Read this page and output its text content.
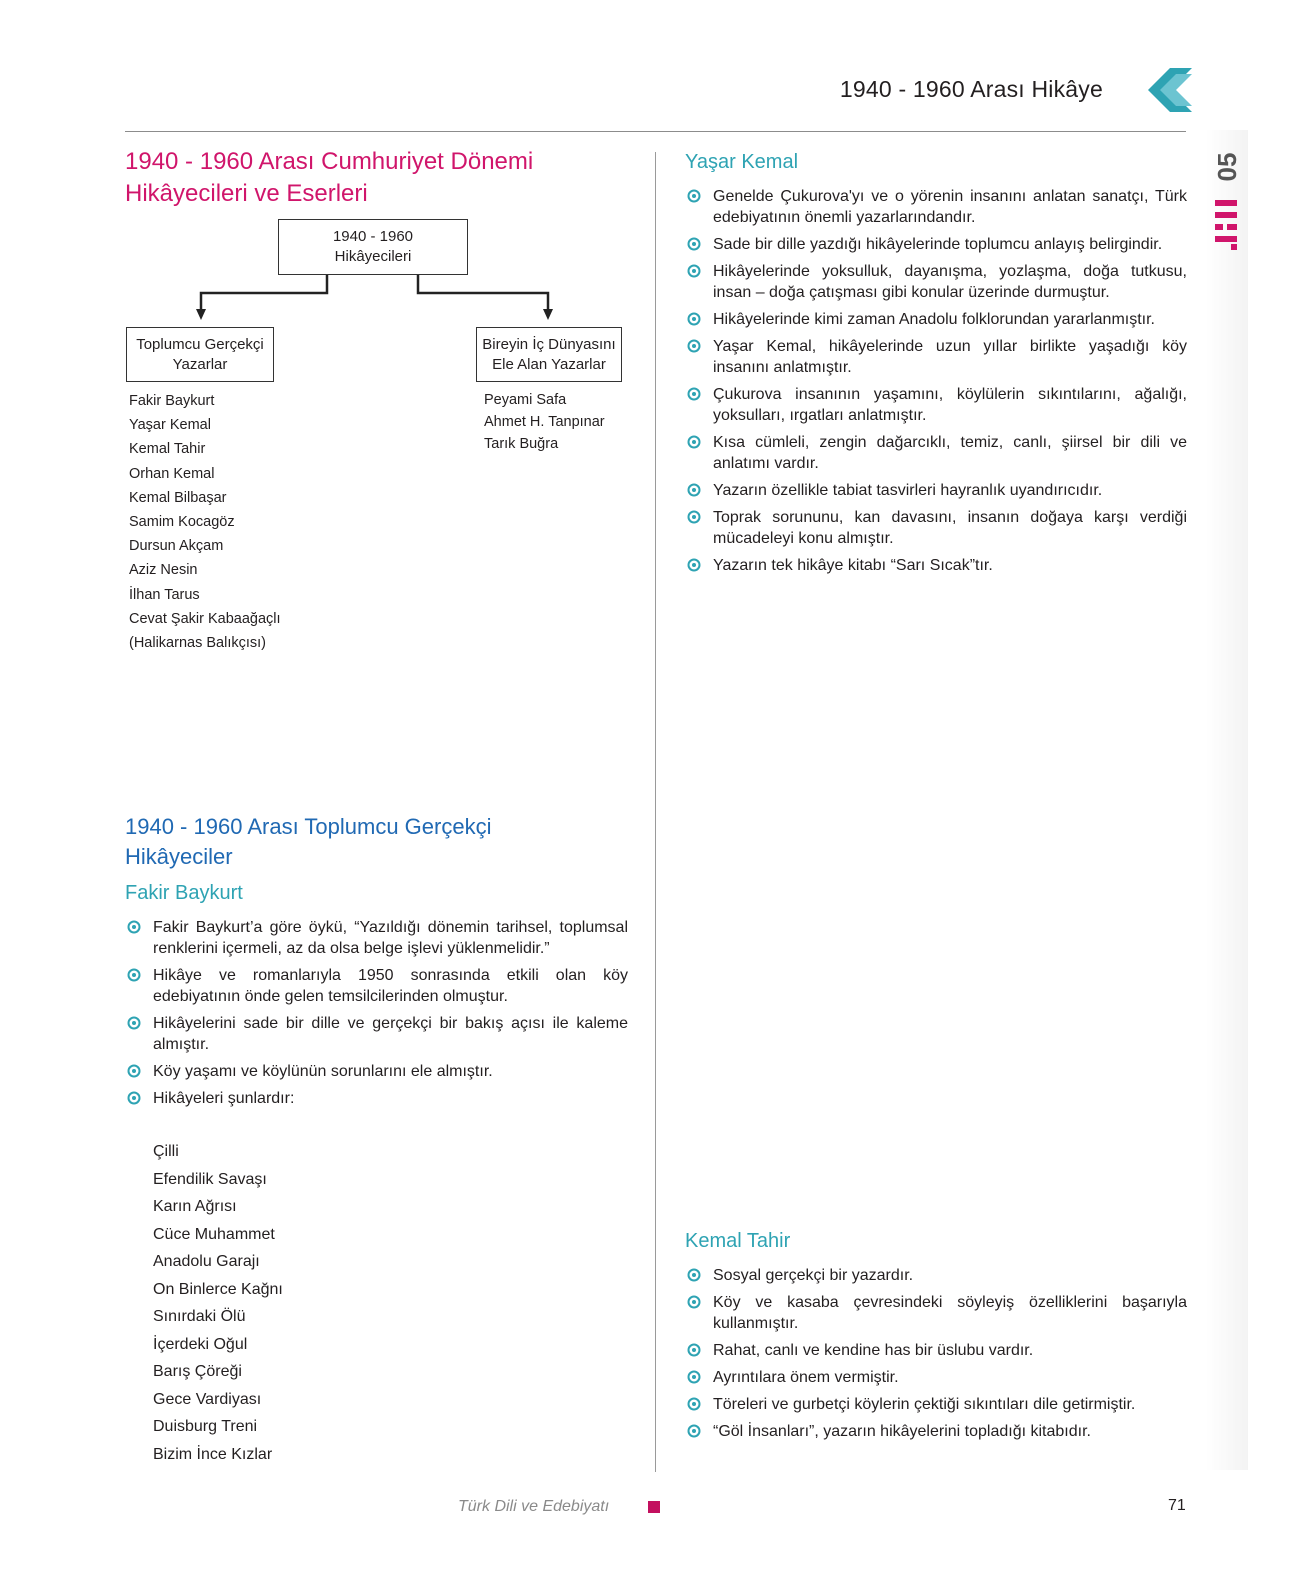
1940 - 1960 Arası Hikâye
05
1940 - 1960 Arası Cumhuriyet Dönemi
Hikâyecileri ve Eserleri
1940 - 1960
Hikâyecileri
Toplumcu Gerçekçi
Yazarlar
Bireyin İç Dünyasını
Ele Alan Yazarlar
Fakir Baykurt
Yaşar Kemal
Kemal Tahir
Orhan Kemal
Kemal Bilbaşar
Samim Kocagöz
Dursun Akçam
Aziz Nesin
İlhan Tarus
Cevat Şakir Kabaağaçlı
(Halikarnas Balıkçısı)
Peyami Safa
Ahmet H. Tanpınar
Tarık Buğra
1940 - 1960 Arası Toplumcu Gerçekçi
Hikâyeciler
Fakir Baykurt
Fakir Baykurt’a göre öykü, “Yazıldığı dönemin tarihsel, toplumsal renklerini içermeli, az da olsa belge işlevi yüklenmelidir.”
Hikâye ve romanlarıyla 1950 sonrasında etkili olan köy edebiyatının önde gelen temsilcilerinden olmuştur.
Hikâyelerini sade bir dille ve gerçekçi bir bakış açısı ile kaleme almıştır.
Köy yaşamı ve köylünün sorunlarını ele almıştır.
Hikâyeleri şunlardır:
Çilli
Efendilik Savaşı
Karın Ağrısı
Cüce Muhammet
Anadolu Garajı
On Binlerce Kağnı
Sınırdaki Ölü
İçerdeki Oğul
Barış Çöreği
Gece Vardiyası
Duisburg Treni
Bizim İnce Kızlar
Yaşar Kemal
Genelde Çukurova'yı ve o yörenin insanını anlatan sanatçı, Türk edebiyatının önemli yazarlarındandır.
Sade bir dille yazdığı hikâyelerinde toplumcu anlayış belirgindir.
Hikâyelerinde yoksulluk, dayanışma, yozlaşma, doğa tutkusu, insan – doğa çatışması gibi konular üzerinde durmuştur.
Hikâyelerinde kimi zaman Anadolu folklorundan yararlanmıştır.
Yaşar Kemal, hikâyelerinde uzun yıllar birlikte yaşadığı köy insanını anlatmıştır.
Çukurova insanının yaşamını, köylülerin sıkıntılarını, ağalığı, yoksulları, ırgatları anlatmıştır.
Kısa cümleli, zengin dağarcıklı, temiz, canlı, şiirsel bir dili ve anlatımı vardır.
Yazarın özellikle tabiat tasvirleri hayranlık uyandırıcıdır.
Toprak sorununu, kan davasını, insanın doğaya karşı verdiği mücadeleyi konu almıştır.
Yazarın tek hikâye kitabı “Sarı Sıcak”tır.
Kemal Tahir
Sosyal gerçekçi bir yazardır.
Köy ve kasaba çevresindeki söyleyiş özelliklerini başarıyla kullanmıştır.
Rahat, canlı ve kendine has bir üslubu vardır.
Ayrıntılara önem vermiştir.
Töreleri ve gurbetçi köylerin çektiği sıkıntıları dile getirmiştir.
“Göl İnsanları”, yazarın hikâyelerini topladığı kitabıdır.
Türk Dili ve Edebiyatı	71
